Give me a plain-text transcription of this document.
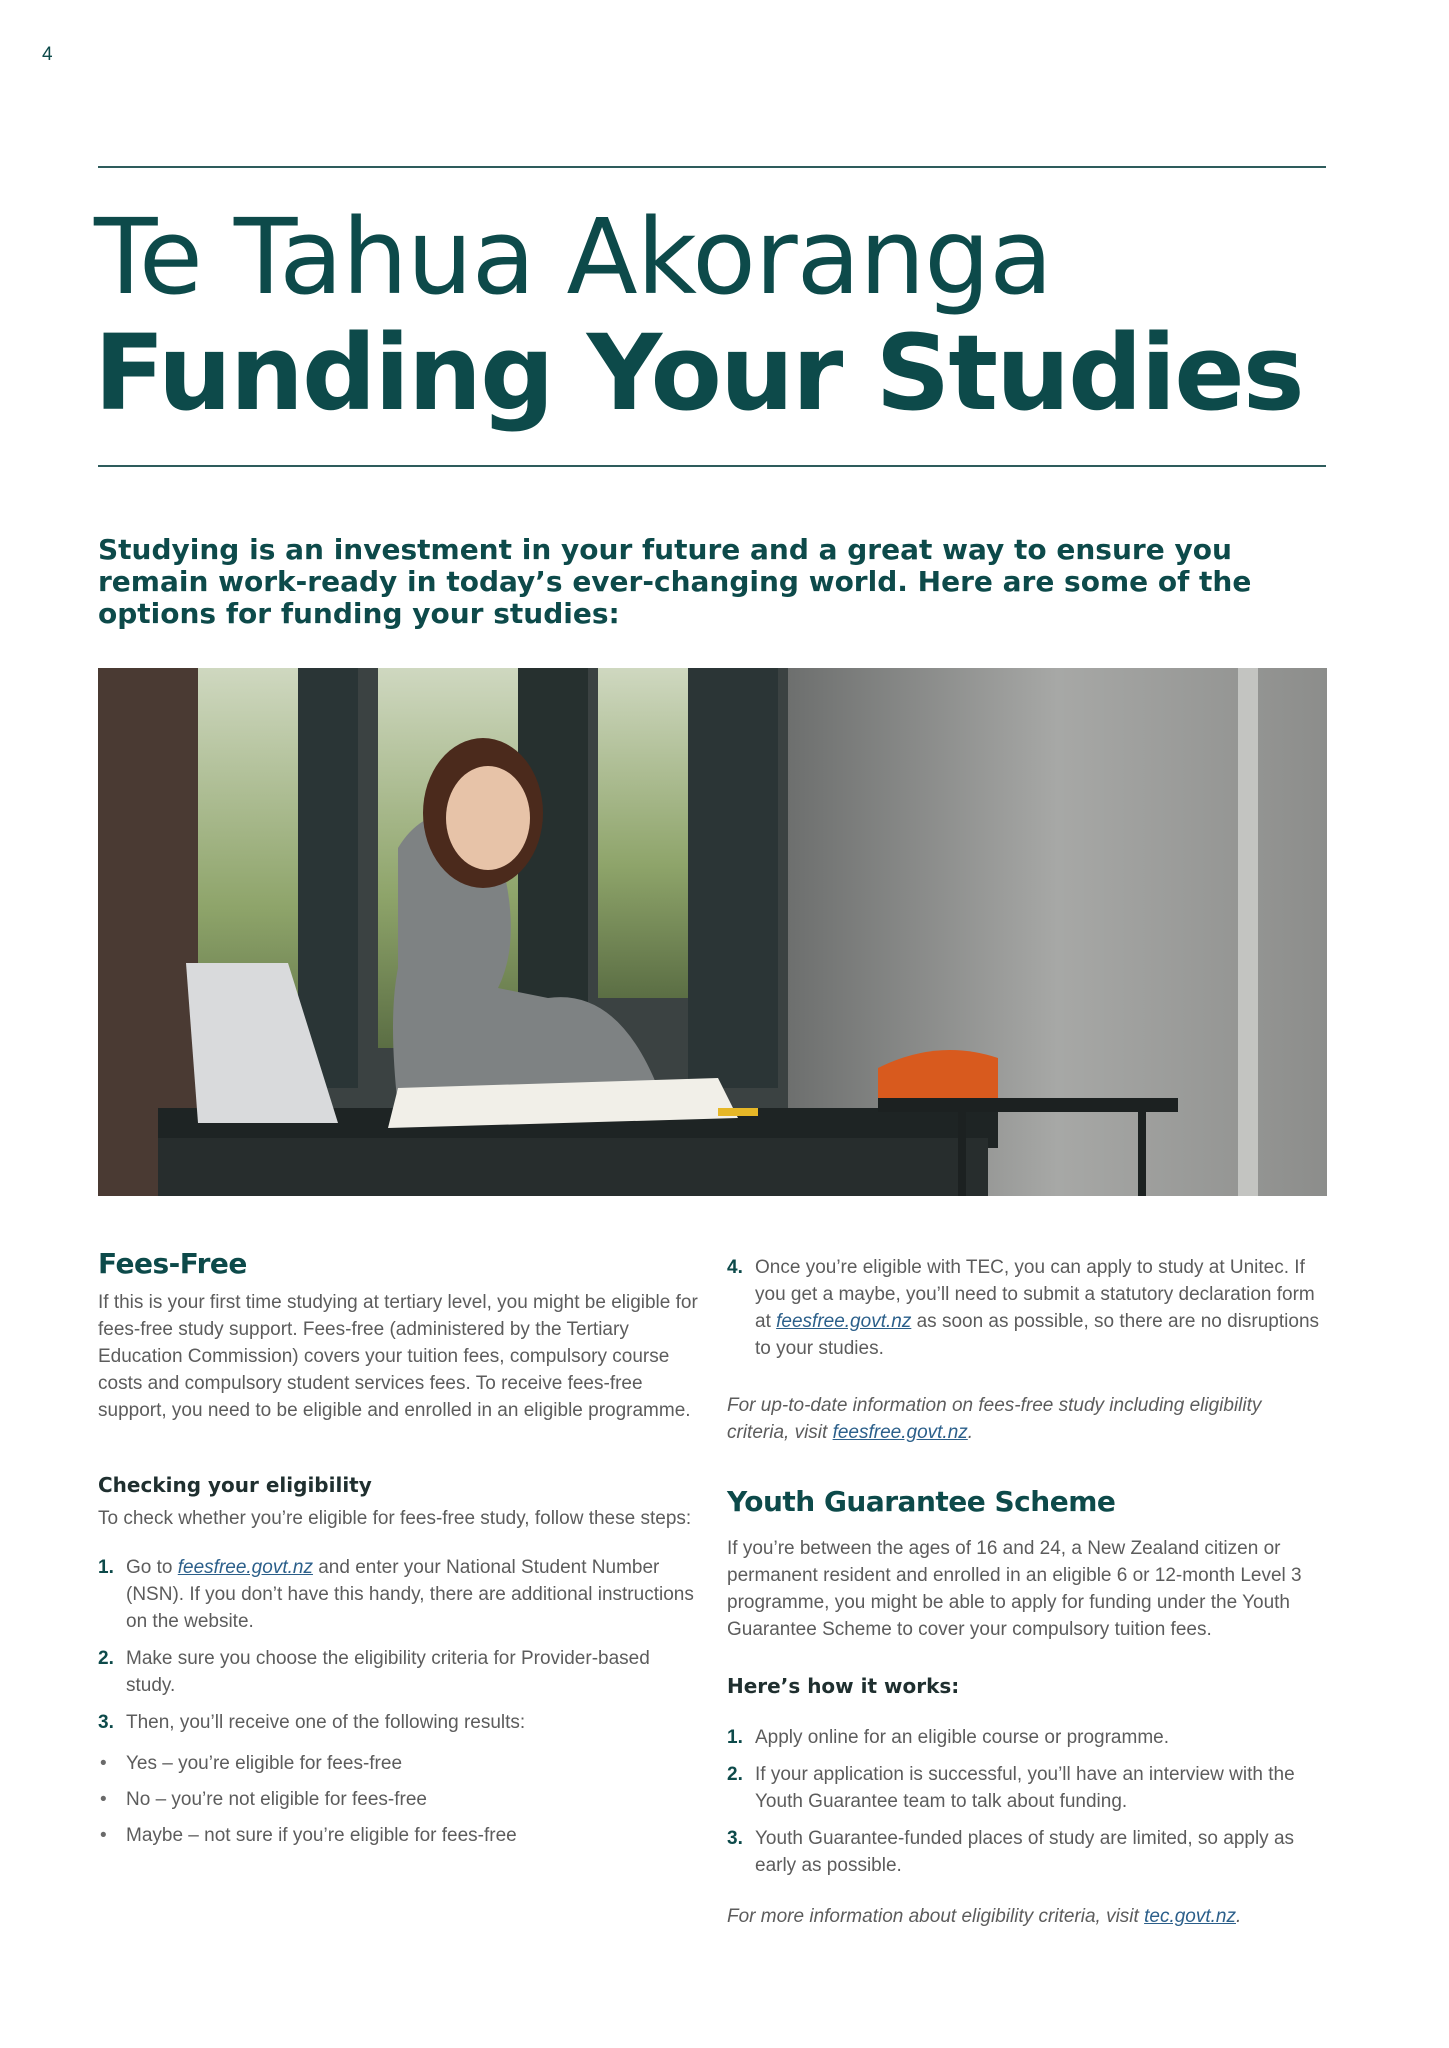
4
Te Tahua Akoranga
Funding Your Studies

Studying is an investment in your future and a great way to ensure you remain work-ready in today’s ever-changing world. Here are some of the options for funding your studies:

Fees-Free

If this is your first time studying at tertiary level, you might be eligible for fees-free study support. Fees-free (administered by the Tertiary Education Commission) covers your tuition fees, compulsory course costs and compulsory student services fees. To receive fees-free support, you need to be eligible and enrolled in an eligible programme.

Checking your eligibility

To check whether you’re eligible for fees-free study, follow these steps:

1. Go to feesfree.govt.nz and enter your National Student Number (NSN). If you don’t have this handy, there are additional instructions on the website.
2. Make sure you choose the eligibility criteria for Provider-based study.
3. Then, you’ll receive one of the following results:
• Yes – you’re eligible for fees-free
• No – you’re not eligible for fees-free
• Maybe – not sure if you’re eligible for fees-free
4. Once you’re eligible with TEC, you can apply to study at Unitec. If you get a maybe, you’ll need to submit a statutory declaration form at feesfree.govt.nz as soon as possible, so there are no disruptions to your studies.

For up-to-date information on fees-free study including eligibility criteria, visit feesfree.govt.nz.

Youth Guarantee Scheme

If you’re between the ages of 16 and 24, a New Zealand citizen or permanent resident and enrolled in an eligible 6 or 12-month Level 3 programme, you might be able to apply for funding under the Youth Guarantee Scheme to cover your compulsory tuition fees.

Here’s how it works:
1. Apply online for an eligible course or programme.
2. If your application is successful, you’ll have an interview with the Youth Guarantee team to talk about funding.
3. Youth Guarantee-funded places of study are limited, so apply as early as possible.

For more information about eligibility criteria, visit tec.govt.nz.
